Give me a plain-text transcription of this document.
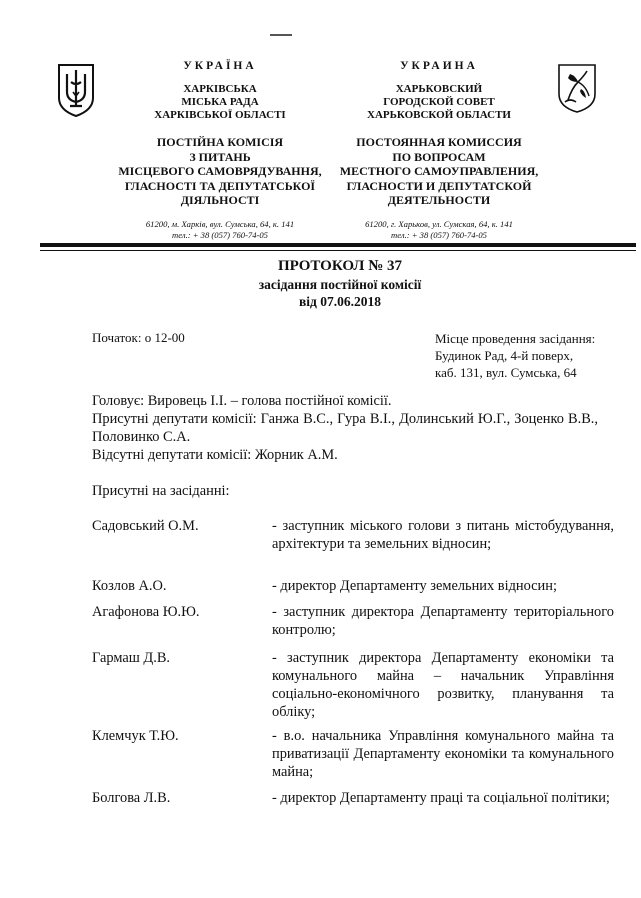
УКРАЇНА
ХАРКІВСЬКА
МІСЬКА РАДА
ХАРКІВСЬКОЇ ОБЛАСТІ
ПОСТІЙНА КОМІСІЯ
З ПИТАНЬ
МІСЦЕВОГО САМОВРЯДУВАННЯ,
ГЛАСНОСТІ ТА ДЕПУТАТСЬКОЇ
ДІЯЛЬНОСТІ
61200, м. Харків, вул. Сумська, 64, к. 141
тел.: + 38 (057) 760-74-05
УКРАИНА
ХАРЬКОВСКИЙ
ГОРОДСКОЙ СОВЕТ
ХАРЬКОВСКОЙ ОБЛАСТИ
ПОСТОЯННАЯ КОМИССИЯ
ПО ВОПРОСАМ
МЕСТНОГО САМОУПРАВЛЕНИЯ,
ГЛАСНОСТИ И ДЕПУТАТСКОЙ
ДЕЯТЕЛЬНОСТИ
61200, г. Харьков, ул. Сумская, 64, к. 141
тел.: + 38 (057) 760-74-05
ПРОТОКОЛ № 37
засідання постійної комісії
від 07.06.2018
Початок: о 12-00	Місце проведення засідання:
Будинок Рад, 4-й поверх,
каб. 131, вул. Сумська, 64
Головує: Вировець І.І. – голова постійної комісії.
Присутні депутати комісії: Ганжа В.С., Гура В.І., Долинський Ю.Г., Зоценко В.В., Половинко С.А.
Відсутні депутати комісії: Жорник А.М.
Присутні на засіданні:
Садовський О.М.	- заступник міського голови з питань містобудування, архітектури та земельних відносин;
Козлов А.О.	- директор Департаменту земельних відносин;
Агафонова Ю.Ю.	- заступник директора Департаменту територіального контролю;
Гармаш Д.В.	- заступник директора Департаменту економіки та комунального майна – начальник Управління соціально-економічного розвитку, планування та обліку;
Клемчук Т.Ю.	- в.о. начальника Управління комунального майна та приватизації Департаменту економіки та комунального майна;
Болгова Л.В.	- директор Департаменту праці та соціальної політики;
